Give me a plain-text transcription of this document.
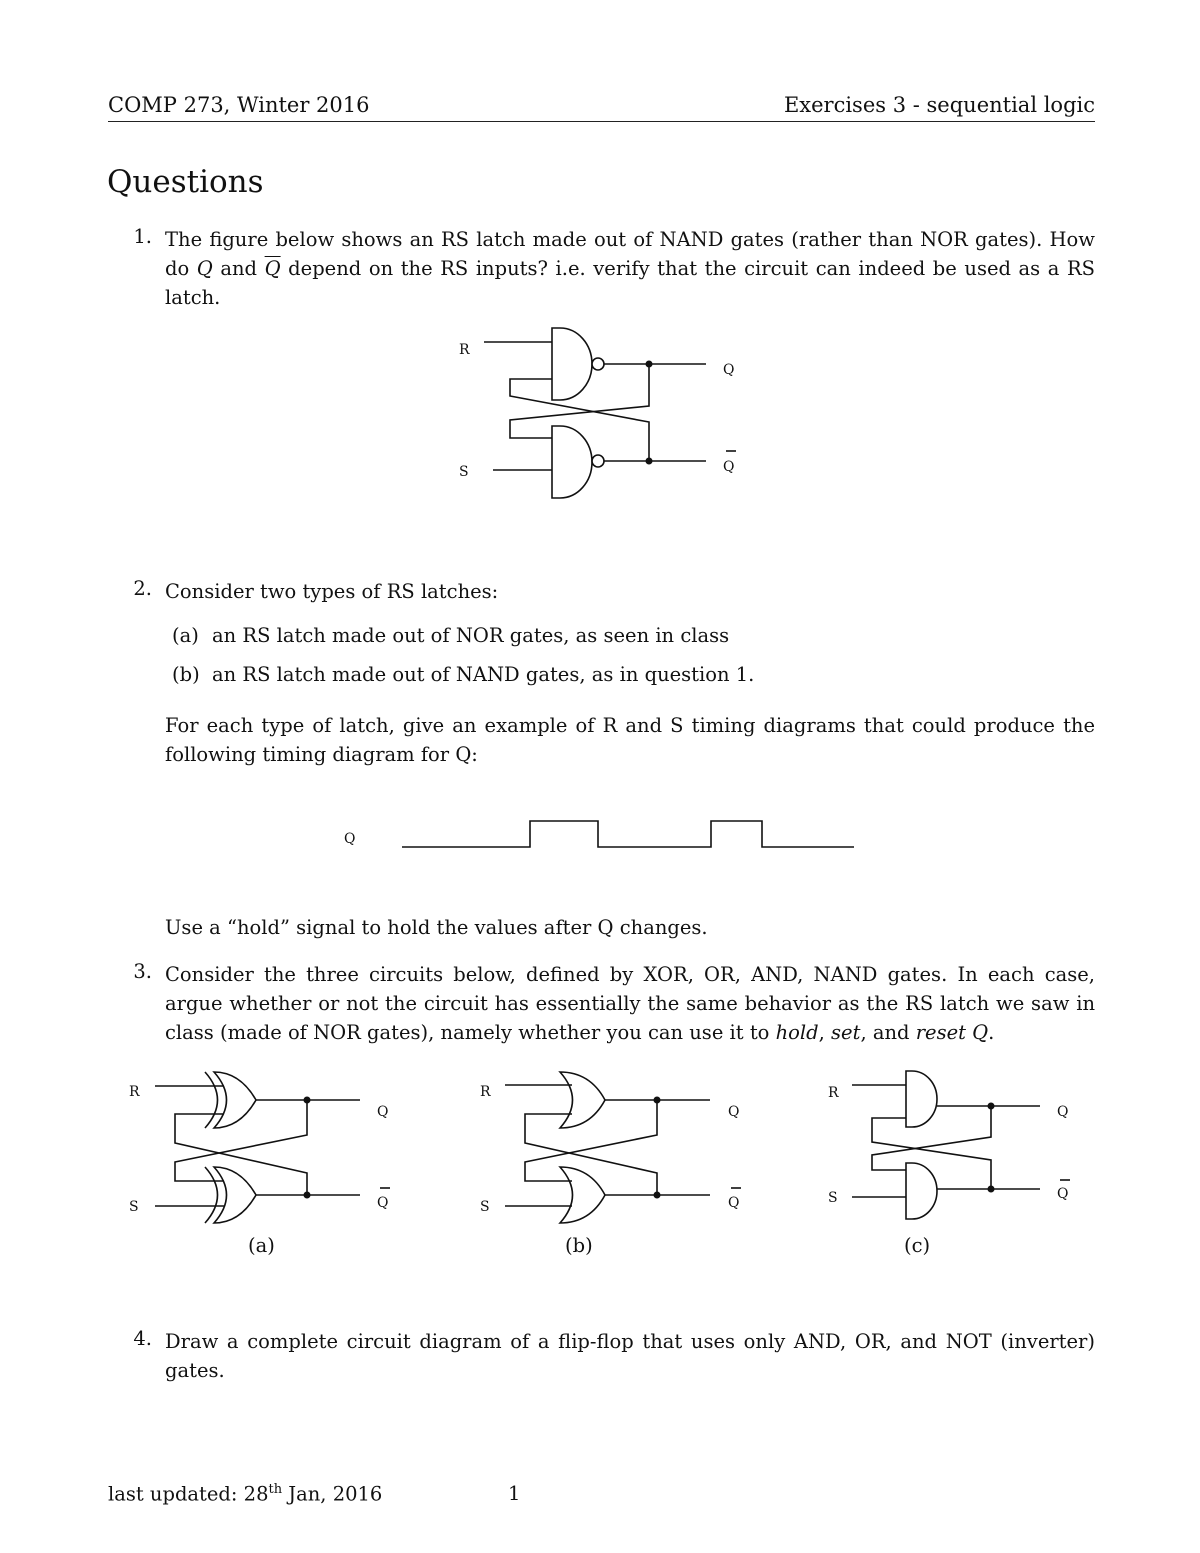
COMP 273, Winter 2016	Exercises 3 - sequential logic
Questions
1. The figure below shows an RS latch made out of NAND gates (rather than NOR gates). How
do Q and $\overline{Q}$ depend on the RS inputs? i.e. verify that the circuit can indeed be used as a RS
latch.
R
S
Q
Q
2. Consider two types of RS latches:
(a) an RS latch made out of NOR gates, as seen in class
(b) an RS latch made out of NAND gates, as in question 1.
For each type of latch, give an example of R and S timing diagrams that could produce the
following timing diagram for Q:
Q
Use a “hold” signal to hold the values after Q changes.
3. Consider the three circuits below, defined by XOR, OR, AND, NAND gates. In each case,
argue whether or not the circuit has essentially the same behavior as the RS latch we saw in
class (made of NOR gates), namely whether you can use it to hold, set, and reset Q.
R
S
Q
Q
R
S
Q
Q
R
S
Q
Q
(a)	(b)	(c)
4. Draw a complete circuit diagram of a flip-flop that uses only AND, OR, and NOT (inverter)
gates.
last updated: 28th Jan, 2016	1
